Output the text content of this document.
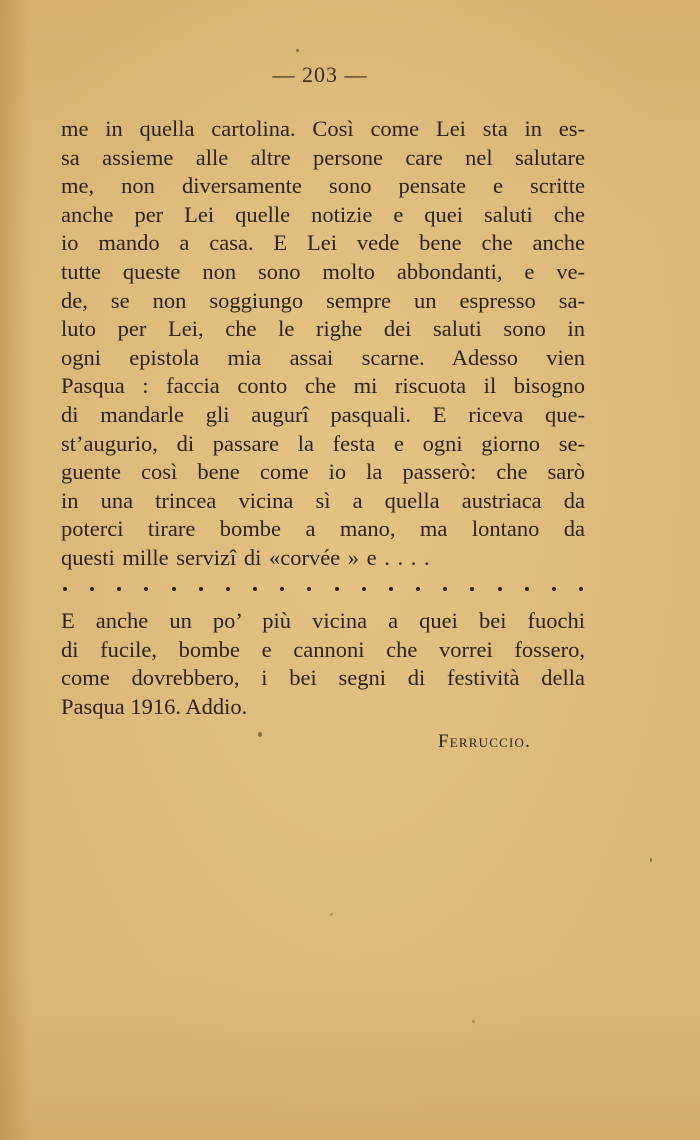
— 203 —
me in quella cartolina. Così come Lei sta in es-
sa assieme alle altre persone care nel salutare
me, non diversamente sono pensate e scritte
anche per Lei quelle notizie e quei saluti che
io mando a casa. E Lei vede bene che anche
tutte queste non sono molto abbondanti, e ve-
de, se non soggiungo sempre un espresso sa-
luto per Lei, che le righe dei saluti sono in
ogni epistola mia assai scarne. Adesso vien
Pasqua : faccia conto che mi riscuota il bisogno
di mandarle gli augurî pasquali. E riceva que-
st’augurio, di passare la festa e ogni giorno se-
guente così bene come io la passerò: che sarò
in una trincea vicina sì a quella austriaca da
poterci tirare bombe a mano, ma lontano da
questi mille servizî di «corvée » e . . . .
E anche un po’ più vicina a quei bei fuochi
di fucile, bombe e cannoni che vorrei fossero,
come dovrebbero, i bei segni di festività della
Pasqua 1916. Addio.
Ferruccio.
